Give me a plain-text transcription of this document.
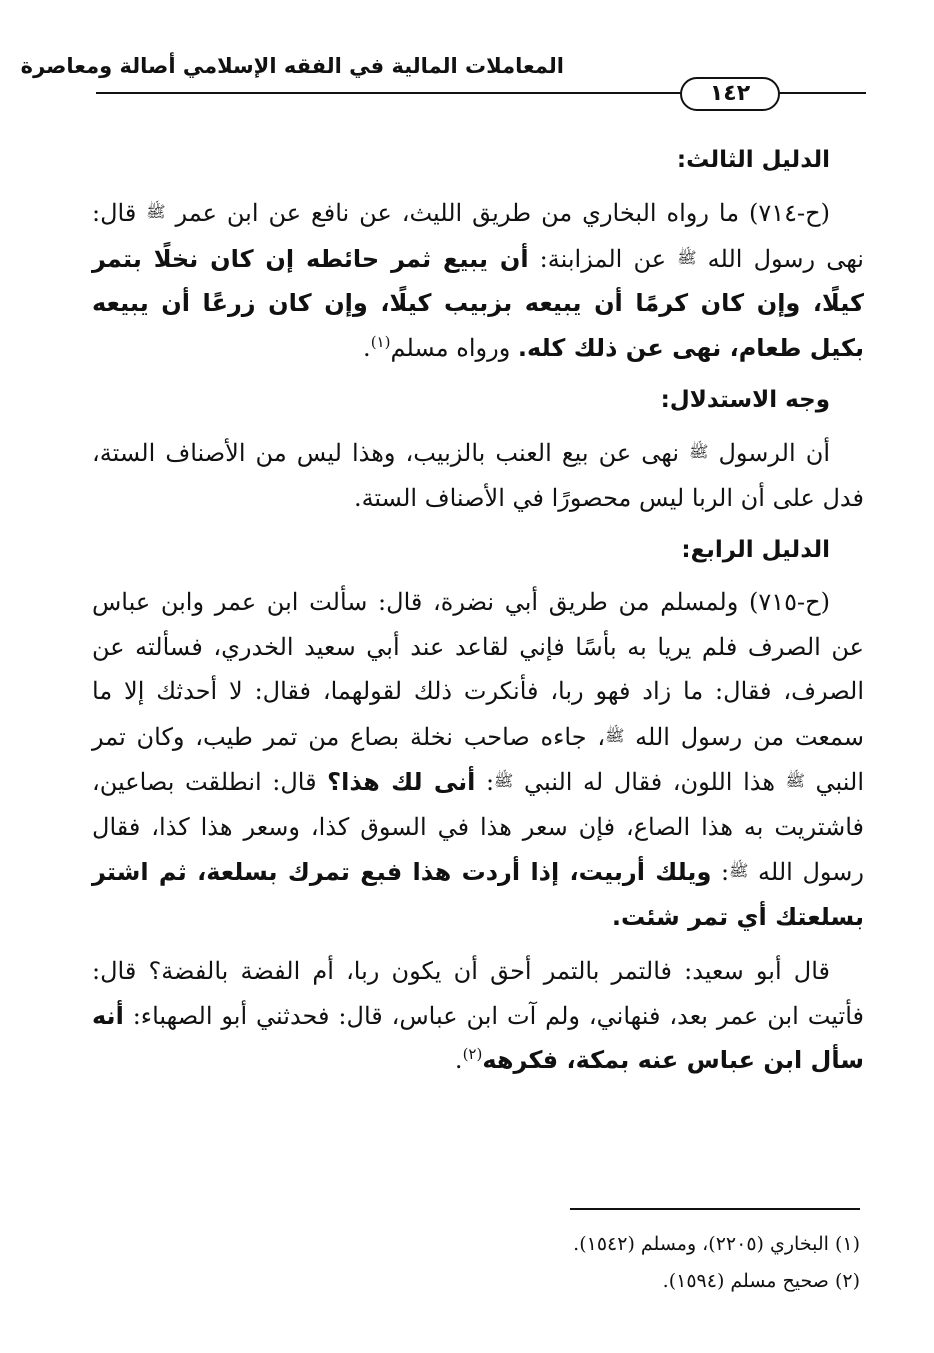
المعاملات المالية في الفقه الإسلامي أصالة ومعاصرة
١٤٢
الدليل الثالث:

(ح-٧١٤) ما رواه البخاري من طريق الليث، عن نافع عن ابن عمر ﷺ قال: نهى رسول الله ﷺ عن المزابنة: أن يبيع ثمر حائطه إن كان نخلًا بتمر كيلًا، وإن كان كرمًا أن يبيعه بزبيب كيلًا، وإن كان زرعًا أن يبيعه بكيل طعام، نهى عن ذلك كله. ورواه مسلم$^{(١)}$.

وجه الاستدلال:

أن الرسول ﷺ نهى عن بيع العنب بالزبيب، وهذا ليس من الأصناف الستة، فدل على أن الربا ليس محصورًا في الأصناف الستة.

الدليل الرابع:

(ح-٧١٥) ولمسلم من طريق أبي نضرة، قال: سألت ابن عمر وابن عباس عن الصرف فلم يريا به بأسًا فإني لقاعد عند أبي سعيد الخدري، فسألته عن الصرف، فقال: ما زاد فهو ربا، فأنكرت ذلك لقولهما، فقال: لا أحدثك إلا ما سمعت من رسول الله ﷺ، جاءه صاحب نخلة بصاع من تمر طيب، وكان تمر النبي ﷺ هذا اللون، فقال له النبي ﷺ: أنى لك هذا؟ قال: انطلقت بصاعين، فاشتريت به هذا الصاع، فإن سعر هذا في السوق كذا، وسعر هذا كذا، فقال رسول الله ﷺ: ويلك أربيت، إذا أردت هذا فبع تمرك بسلعة، ثم اشتر بسلعتك أي تمر شئت.

قال أبو سعيد: فالتمر بالتمر أحق أن يكون ربا، أم الفضة بالفضة؟ قال: فأتيت ابن عمر بعد، فنهاني، ولم آت ابن عباس، قال: فحدثني أبو الصهباء: أنه سأل ابن عباس عنه بمكة، فكرهه$^{(٢)}$.

(١) البخاري (٢٢٠٥)، ومسلم (١٥٤٢).

(٢) صحيح مسلم (١٥٩٤).
